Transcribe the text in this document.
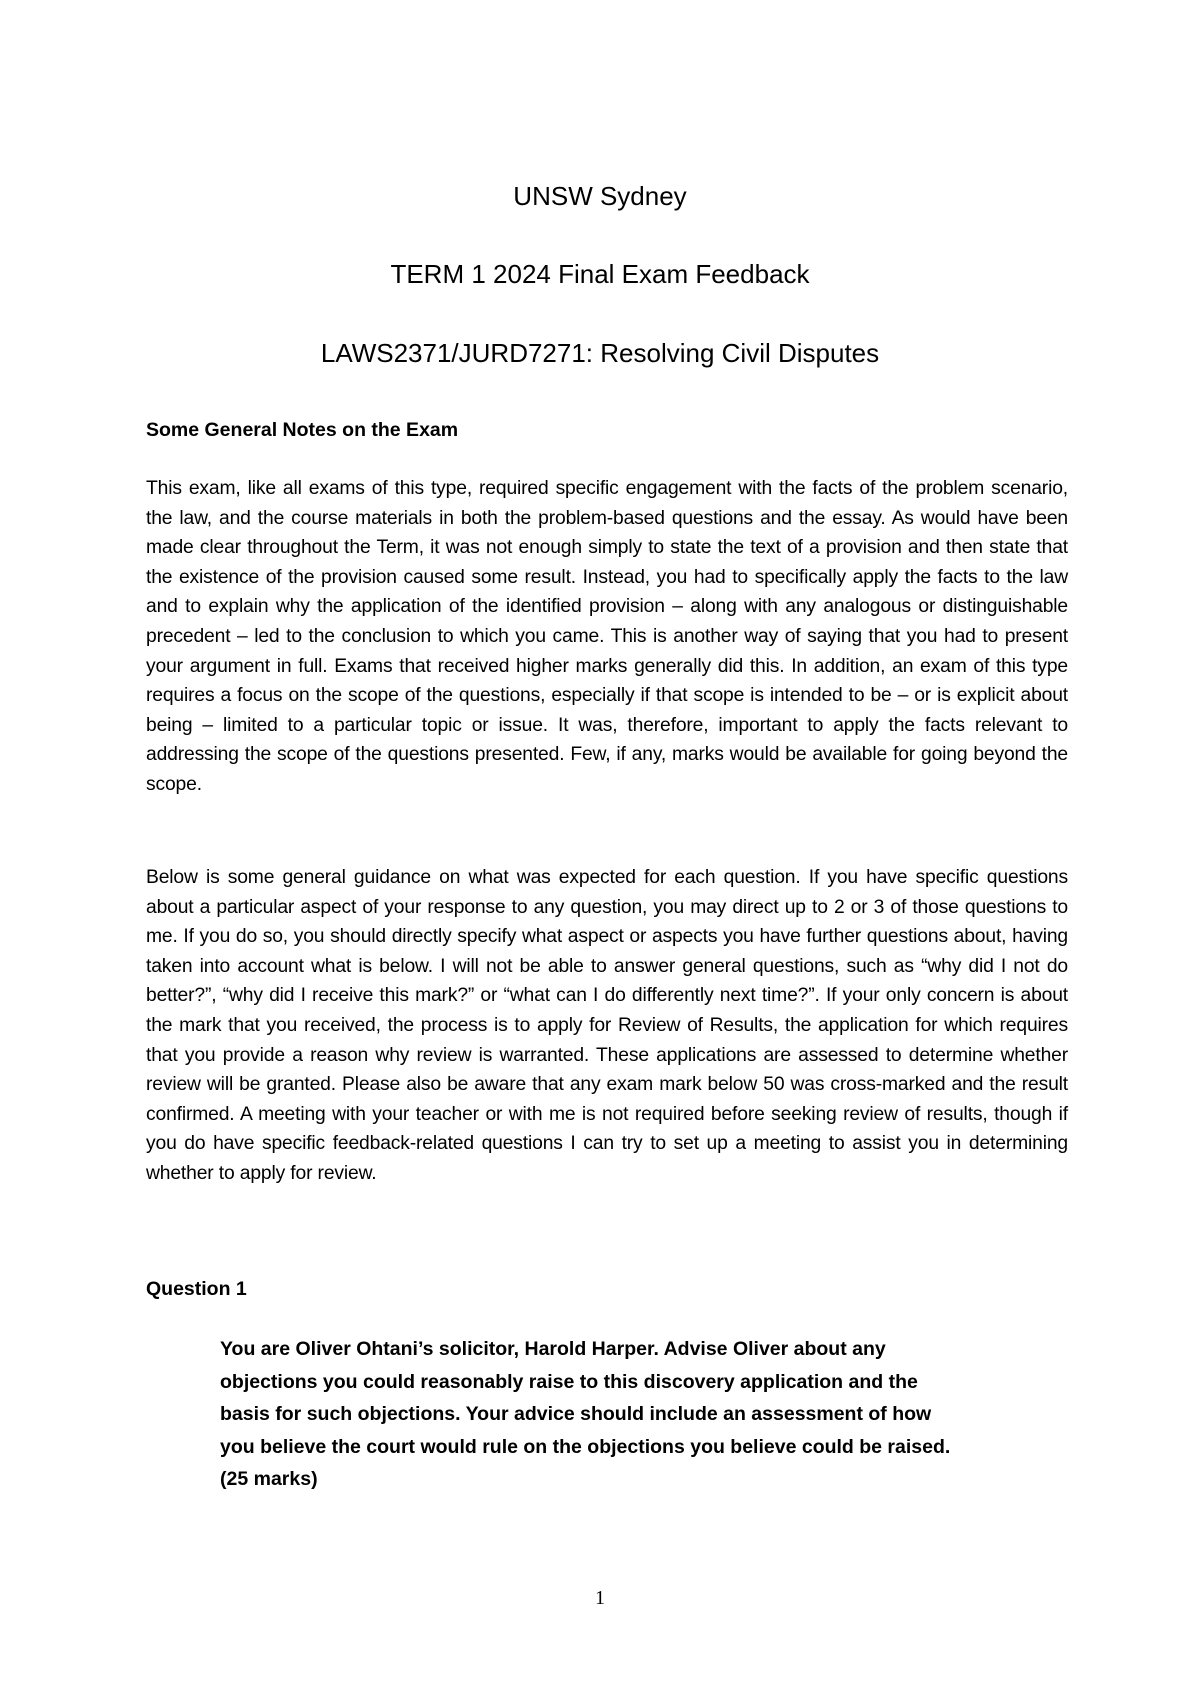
UNSW Sydney
TERM 1 2024 Final Exam Feedback
LAWS2371/JURD7271: Resolving Civil Disputes
Some General Notes on the Exam

This exam, like all exams of this type, required specific engagement with the facts of the problem scenario, the law, and the course materials in both the problem-based questions and the essay. As would have been made clear throughout the Term, it was not enough simply to state the text of a provision and then state that the existence of the provision caused some result. Instead, you had to specifically apply the facts to the law and to explain why the application of the identified provision – along with any analogous or distinguishable precedent – led to the conclusion to which you came. This is another way of saying that you had to present your argument in full. Exams that received higher marks generally did this. In addition, an exam of this type requires a focus on the scope of the questions, especially if that scope is intended to be – or is explicit about being – limited to a particular topic or issue. It was, therefore, important to apply the facts relevant to addressing the scope of the questions presented. Few, if any, marks would be available for going beyond the scope.

Below is some general guidance on what was expected for each question. If you have specific questions about a particular aspect of your response to any question, you may direct up to 2 or 3 of those questions to me. If you do so, you should directly specify what aspect or aspects you have further questions about, having taken into account what is below. I will not be able to answer general questions, such as “why did I not do better?”, “why did I receive this mark?” or “what can I do differently next time?”. If your only concern is about the mark that you received, the process is to apply for Review of Results, the application for which requires that you provide a reason why review is warranted. These applications are assessed to determine whether review will be granted. Please also be aware that any exam mark below 50 was cross-marked and the result confirmed. A meeting with your teacher or with me is not required before seeking review of results, though if you do have specific feedback-related questions I can try to set up a meeting to assist you in determining whether to apply for review.

Question 1

You are Oliver Ohtani’s solicitor, Harold Harper. Advise Oliver about any objections you could reasonably raise to this discovery application and the basis for such objections. Your advice should include an assessment of how you believe the court would rule on the objections you believe could be raised. (25 marks)

1
